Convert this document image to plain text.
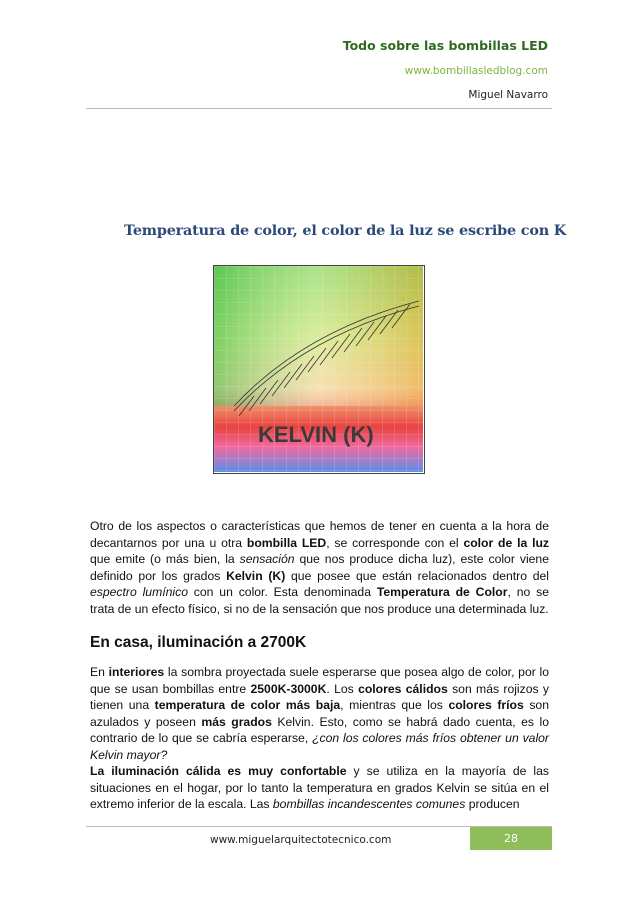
Todo sobre las bombillas LED
www.bombillasledblog.com
Miguel Navarro
Temperatura de color, el color de la luz se escribe con K
KELVIN (K)
Otro de los aspectos o características que hemos de tener en cuenta a la hora de decantarnos por una u otra bombilla LED, se corresponde con el color de la luz que emite (o más bien, la sensación que nos produce dicha luz), este color viene definido por los grados Kelvin (K) que posee que están relacionados dentro del espectro lumínico con un color. Esta denominada Temperatura de Color, no se trata de un efecto físico, si no de la sensación que nos produce una determinada luz.
En casa, iluminación a 2700K
En interiores la sombra proyectada suele esperarse que posea algo de color, por lo que se usan bombillas entre 2500K-3000K. Los colores cálidos son más rojizos y tienen una temperatura de color más baja, mientras que los colores fríos son azulados y poseen más grados Kelvin. Esto, como se habrá dado cuenta, es lo contrario de lo que se cabría esperarse, ¿con los colores más fríos obtener un valor Kelvin mayor?
La iluminación cálida es muy confortable y se utiliza en la mayoría de las situaciones en el hogar, por lo tanto la temperatura en grados Kelvin se sitúa en el extremo inferior de la escala. Las bombillas incandescentes comunes producen
www.miguelarquitectotecnico.com	28
